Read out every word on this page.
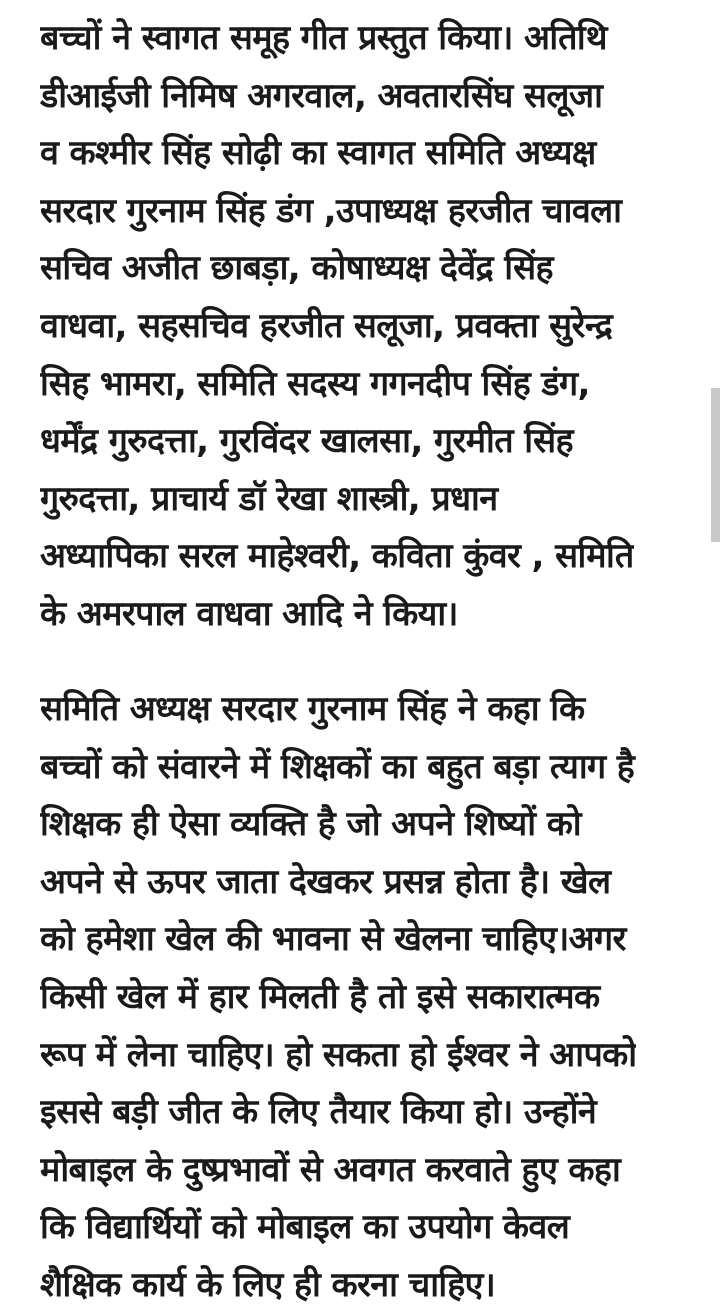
बच्चों ने स्वागत समूह गीत प्रस्तुत किया। अतिथि
डीआईजी निमिष अगरवाल, अवतारसिंघ सलूजा
व कश्मीर सिंह सोढ़ी का स्वागत समिति अध्यक्ष
सरदार गुरनाम सिंह डंग ,उपाध्यक्ष हरजीत चावला
सचिव अजीत छाबड़ा, कोषाध्यक्ष देवेंद्र सिंह
वाधवा, सहसचिव हरजीत सलूजा, प्रवक्ता सुरेन्द्र
सिह भामरा, समिति सदस्य गगनदीप सिंह डंग,
धर्मेंद्र गुरुदत्ता, गुरविंदर खालसा, गुरमीत सिंह
गुरुदत्ता, प्राचार्य डॉ रेखा शास्त्री, प्रधान
अध्यापिका सरल माहेश्वरी, कविता कुंवर , समिति
के अमरपाल वाधवा आदि ने किया।

समिति अध्यक्ष सरदार गुरनाम सिंह ने कहा कि
बच्चों को संवारने में शिक्षकों का बहुत बड़ा त्याग है
शिक्षक ही ऐसा व्यक्ति है जो अपने शिष्यों को
अपने से ऊपर जाता देखकर प्रसन्न होता है। खेल
को हमेशा खेल की भावना से खेलना चाहिए।अगर
किसी खेल में हार मिलती है तो इसे सकारात्मक
रूप में लेना चाहिए। हो सकता हो ईश्वर ने आपको
इससे बड़ी जीत के लिए तैयार किया हो। उन्होंने
मोबाइल के दुष्प्रभावों से अवगत करवाते हुए कहा
कि विद्यार्थियों को मोबाइल का उपयोग केवल
शैक्षिक कार्य के लिए ही करना चाहिए।
